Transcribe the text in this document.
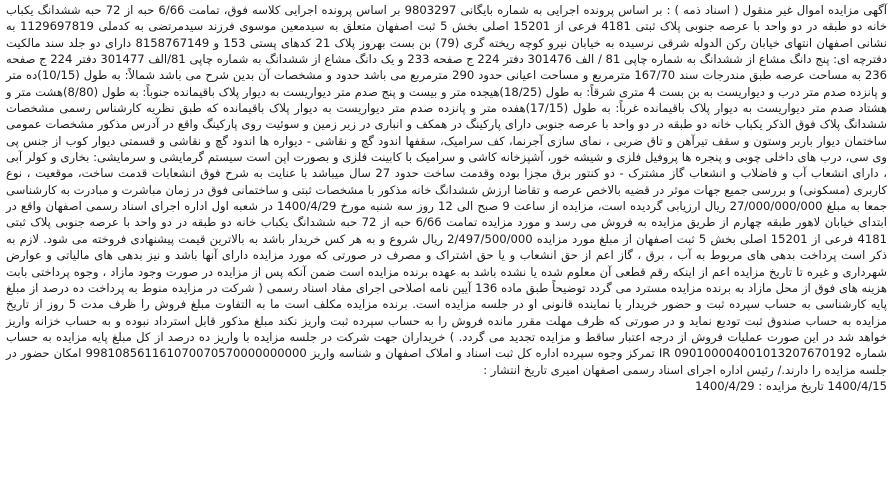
آگهی مزایده اموال غیر منقول ( اسناد ذمه ) : بر اساس پرونده اجرایی به شماره بایگانی 9803297 بر اساس پرونده اجرایی کلاسه فوق، تمامت 6/66 حبه از 72 حبه ششدانگ یکباب خانه دو طبقه در دو واحد با عرصه جنوبی پلاک ثبتی 4181 فرعی از 15201 اصلی بخش 5 ثبت اصفهان متعلق به سیدمعین موسوی فرزند سیدمرتضی به کدملی 1129697819 به نشانی اصفهان انتهای خیابان رکن الدوله شرقی نرسیده به خیابان نیرو کوچه ریخته گری (79) بن بست بهروز پلاک 21 کدهای پستی 153 و 8158767149 دارای دو جلد سند مالکیت دفترچه ای: پنج دانگ مشاع از ششدانگ به شماره چاپی 81 / الف 301476 دفتر 224 ج صفحه 233 و یک دانگ مشاع از ششدانگ به شماره چاپی 81/الف 301477 دفتر 224 ج صفحه 236 به مساحت عرصه طبق مندرجات سند 167/70 مترمربع و مساحت اعیانی حدود 290 مترمربع می باشد حدود و مشخصات آن بدین شرح می باشد شمالاً: به طول (10/15)ده متر و پانزده صدم متر درب و دیواریست به بن بست 4 متری شرقاً: به طول (18/25)هیجده متر و بیست و پنج صدم متر دیواریست به دیوار پلاک باقیمانده جنوباً: به طول (8/80)هشت متر و هشتاد صدم متر دیواریست به دیوار پلاک باقیمانده غرباً: به طول (17/15)هفده متر و پانزده صدم متر دیواریست به دیوار پلاک باقیمانده که طبق نظریه کارشناس رسمی مشخصات ششدانگ پلاک فوق الذکر یکباب خانه دو طبقه در دو واحد با عرصه جنوبی دارای پارکینگ در همکف و انباری در زیر زمین و سوئیت روی پارکینگ واقع در آدرس مذکور مشخصات عمومی ساختمان دیوار باربر وستون و سقف تیرآهن و تاق ضربی ، نمای سازی آجرنما، کف سرامیک، سقفها اندود گچ و نقاشی - دیواره ها اندود گچ و نقاشی و قسمتی دیوار کوب از جنس پی وی سی، درب های داخلی چوبی و پنجره ها پروفیل فلزی و شیشه خور، آشپزخانه کاشی و سرامیک با کابینت فلزی و بصورت اپن است سیستم گرمایشی و سرمایشی: بخاری و کولر آبی ، دارای انشعاب آب و فاضلاب و انشعاب گاز مشترک - دو کنتور برق مجزا بوده وقدمت ساخت حدود 27 سال میباشد با عنایت به شرح فوق انشعابات قدمت ساخت، موقعیت ، نوع کاربری (مسکونی) و بررسی جمیع جهات موثر در قضیه بالاخص عرصه و تقاضا ارزش ششدانگ خانه مذکور با مشخصات ثبتی و ساختمانی فوق در زمان مباشرت و مبادرت به کارشناسی جمعا به مبلغ 27/000/000/000 ریال ارزیابی گردیده است، مزایده از ساعت 9 صبح الی 12 روز سه شنبه مورخ 1400/4/29 در شعبه اول اداره اجرای اسناد رسمی اصفهان واقع در ابتدای خیابان لاهور طبقه چهارم از طریق مزایده به فروش می رسد و مورد مزایده تمامت 6/66 حبه از 72 حبه ششدانگ یکباب خانه دو طبقه در دو واحد با عرصه جنوبی پلاک ثبتی 4181 فرعی از 15201 اصلی بخش 5 ثبت اصفهان از مبلغ مورد مزایده 2/497/500/000 ریال شروع و به هر کس خریدار باشد به بالاترین قیمت پیشنهادی فروخته می شود. لازم به ذکر است پرداخت بدهی های مربوط به آب ، برق ، گاز اعم از حق انشعاب و یا حق اشتراک و مصرف در صورتی که مورد مزایده دارای آنها باشد و نیز بدهی های مالیاتی و عوارض شهرداری و غیره تا تاریخ مزایده اعم از اینکه رقم قطعی آن معلوم شده یا نشده باشد به عهده برنده مزایده است ضمن آنکه پس از مزایده در صورت وجود مازاد ، وجوه پرداختی بابت هزینه های فوق از محل مازاد به برنده مزایده مسترد می گردد توضیحاً طبق ماده 136 آیین نامه اصلاحی اجرای مفاد اسناد رسمی ( شرکت در مزایده منوط به پرداخت ده درصد از مبلغ پایه کارشناسی به حساب سپرده ثبت و حضور خریدار یا نماینده قانونی او در جلسه مزایده است. برنده مزایده مکلف است ما به التفاوت مبلغ فروش را ظرف مدت 5 روز از تاریخ مزایده به حساب صندوق ثبت تودیع نماید و در صورتی که ظرف مهلت مقرر مانده فروش را به حساب سپرده ثبت واریز نکند مبلغ مذکور قابل استرداد نبوده و به حساب خزانه واریز خواهد شد در این صورت عملیات فروش از درجه اعتبار ساقط و مزایده تجدید می گردد. ) خریداران جهت شرکت در جلسه مزایده با واریز ده درصد از کل مبلغ پایه مزایده به حساب شماره IR 090100004001013207670192 تمرکز وجوه سپرده اداره کل ثبت اسناد و املاک اصفهان و شناسه واریز 998108561161070070570000000000 امکان حضور در جلسه مزایده را دارند./ رئیس اداره اجرای اسناد رسمی اصفهان امیری تاریخ انتشار :

1400/4/15 تاریخ مزایده : 1400/4/29
